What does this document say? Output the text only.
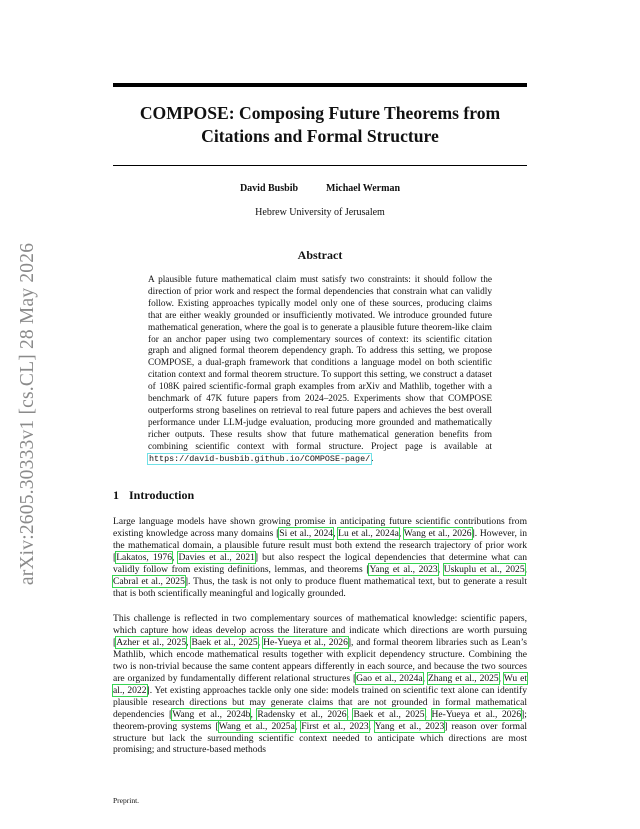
arXiv:2605.30333v1 [cs.CL] 28 May 2026
COMPOSE: Composing Future Theorems from
Citations and Formal Structure
David Busbib	Michael Werman
Hebrew University of Jerusalem
Abstract

A plausible future mathematical claim must satisfy two constraints: it should follow the direction of prior work and respect the formal dependencies that constrain what can validly follow. Existing approaches typically model only one of these sources, producing claims that are either weakly grounded or insufficiently motivated. We introduce grounded future mathematical generation, where the goal is to generate a plausible future theorem-like claim for an anchor paper using two complementary sources of context: its scientific citation graph and aligned formal theorem dependency graph. To address this setting, we propose COMPOSE, a dual-graph framework that conditions a language model on both scientific citation context and formal theorem structure. To support this setting, we construct a dataset of 108K paired scientific-formal graph examples from arXiv and Mathlib, together with a benchmark of 47K future papers from 2024–2025. Experiments show that COMPOSE outperforms strong baselines on retrieval to real future papers and achieves the best overall performance under LLM-judge evaluation, producing more grounded and mathematically richer outputs. These results show that future mathematical generation benefits from combining scientific context with formal structure. Project page is available at https://david-busbib.github.io/COMPOSE-page/.

1 Introduction

Large language models have shown growing promise in anticipating future scientific contributions from existing knowledge across many domains [Si et al., 2024, Lu et al., 2024a, Wang et al., 2026]. However, in the mathematical domain, a plausible future result must both extend the research trajectory of prior work [Lakatos, 1976, Davies et al., 2021] but also respect the logical dependencies that determine what can validly follow from existing definitions, lemmas, and theorems [Yang et al., 2023, Uskuplu et al., 2025, Cabral et al., 2025]. Thus, the task is not only to produce fluent mathematical text, but to generate a result that is both scientifically meaningful and logically grounded.

This challenge is reflected in two complementary sources of mathematical knowledge: scientific papers, which capture how ideas develop across the literature and indicate which directions are worth pursuing [Azher et al., 2025, Baek et al., 2025, He-Yueya et al., 2026], and formal theorem libraries such as Lean’s Mathlib, which encode mathematical results together with explicit dependency structure. Combining the two is non-trivial because the same content appears differently in each source, and because the two sources are organized by fundamentally different relational structures [Gao et al., 2024a, Zhang et al., 2025, Wu et al., 2022]. Yet existing approaches tackle only one side: models trained on scientific text alone can identify plausible research directions but may generate claims that are not grounded in formal mathematical dependencies [Wang et al., 2024b, Radensky et al., 2026, Baek et al., 2025, He-Yueya et al., 2026]; theorem-proving systems [Wang et al., 2025a, First et al., 2023, Yang et al., 2023] reason over formal structure but lack the surrounding scientific context needed to anticipate which directions are most promising; and structure-based methods

Preprint.
